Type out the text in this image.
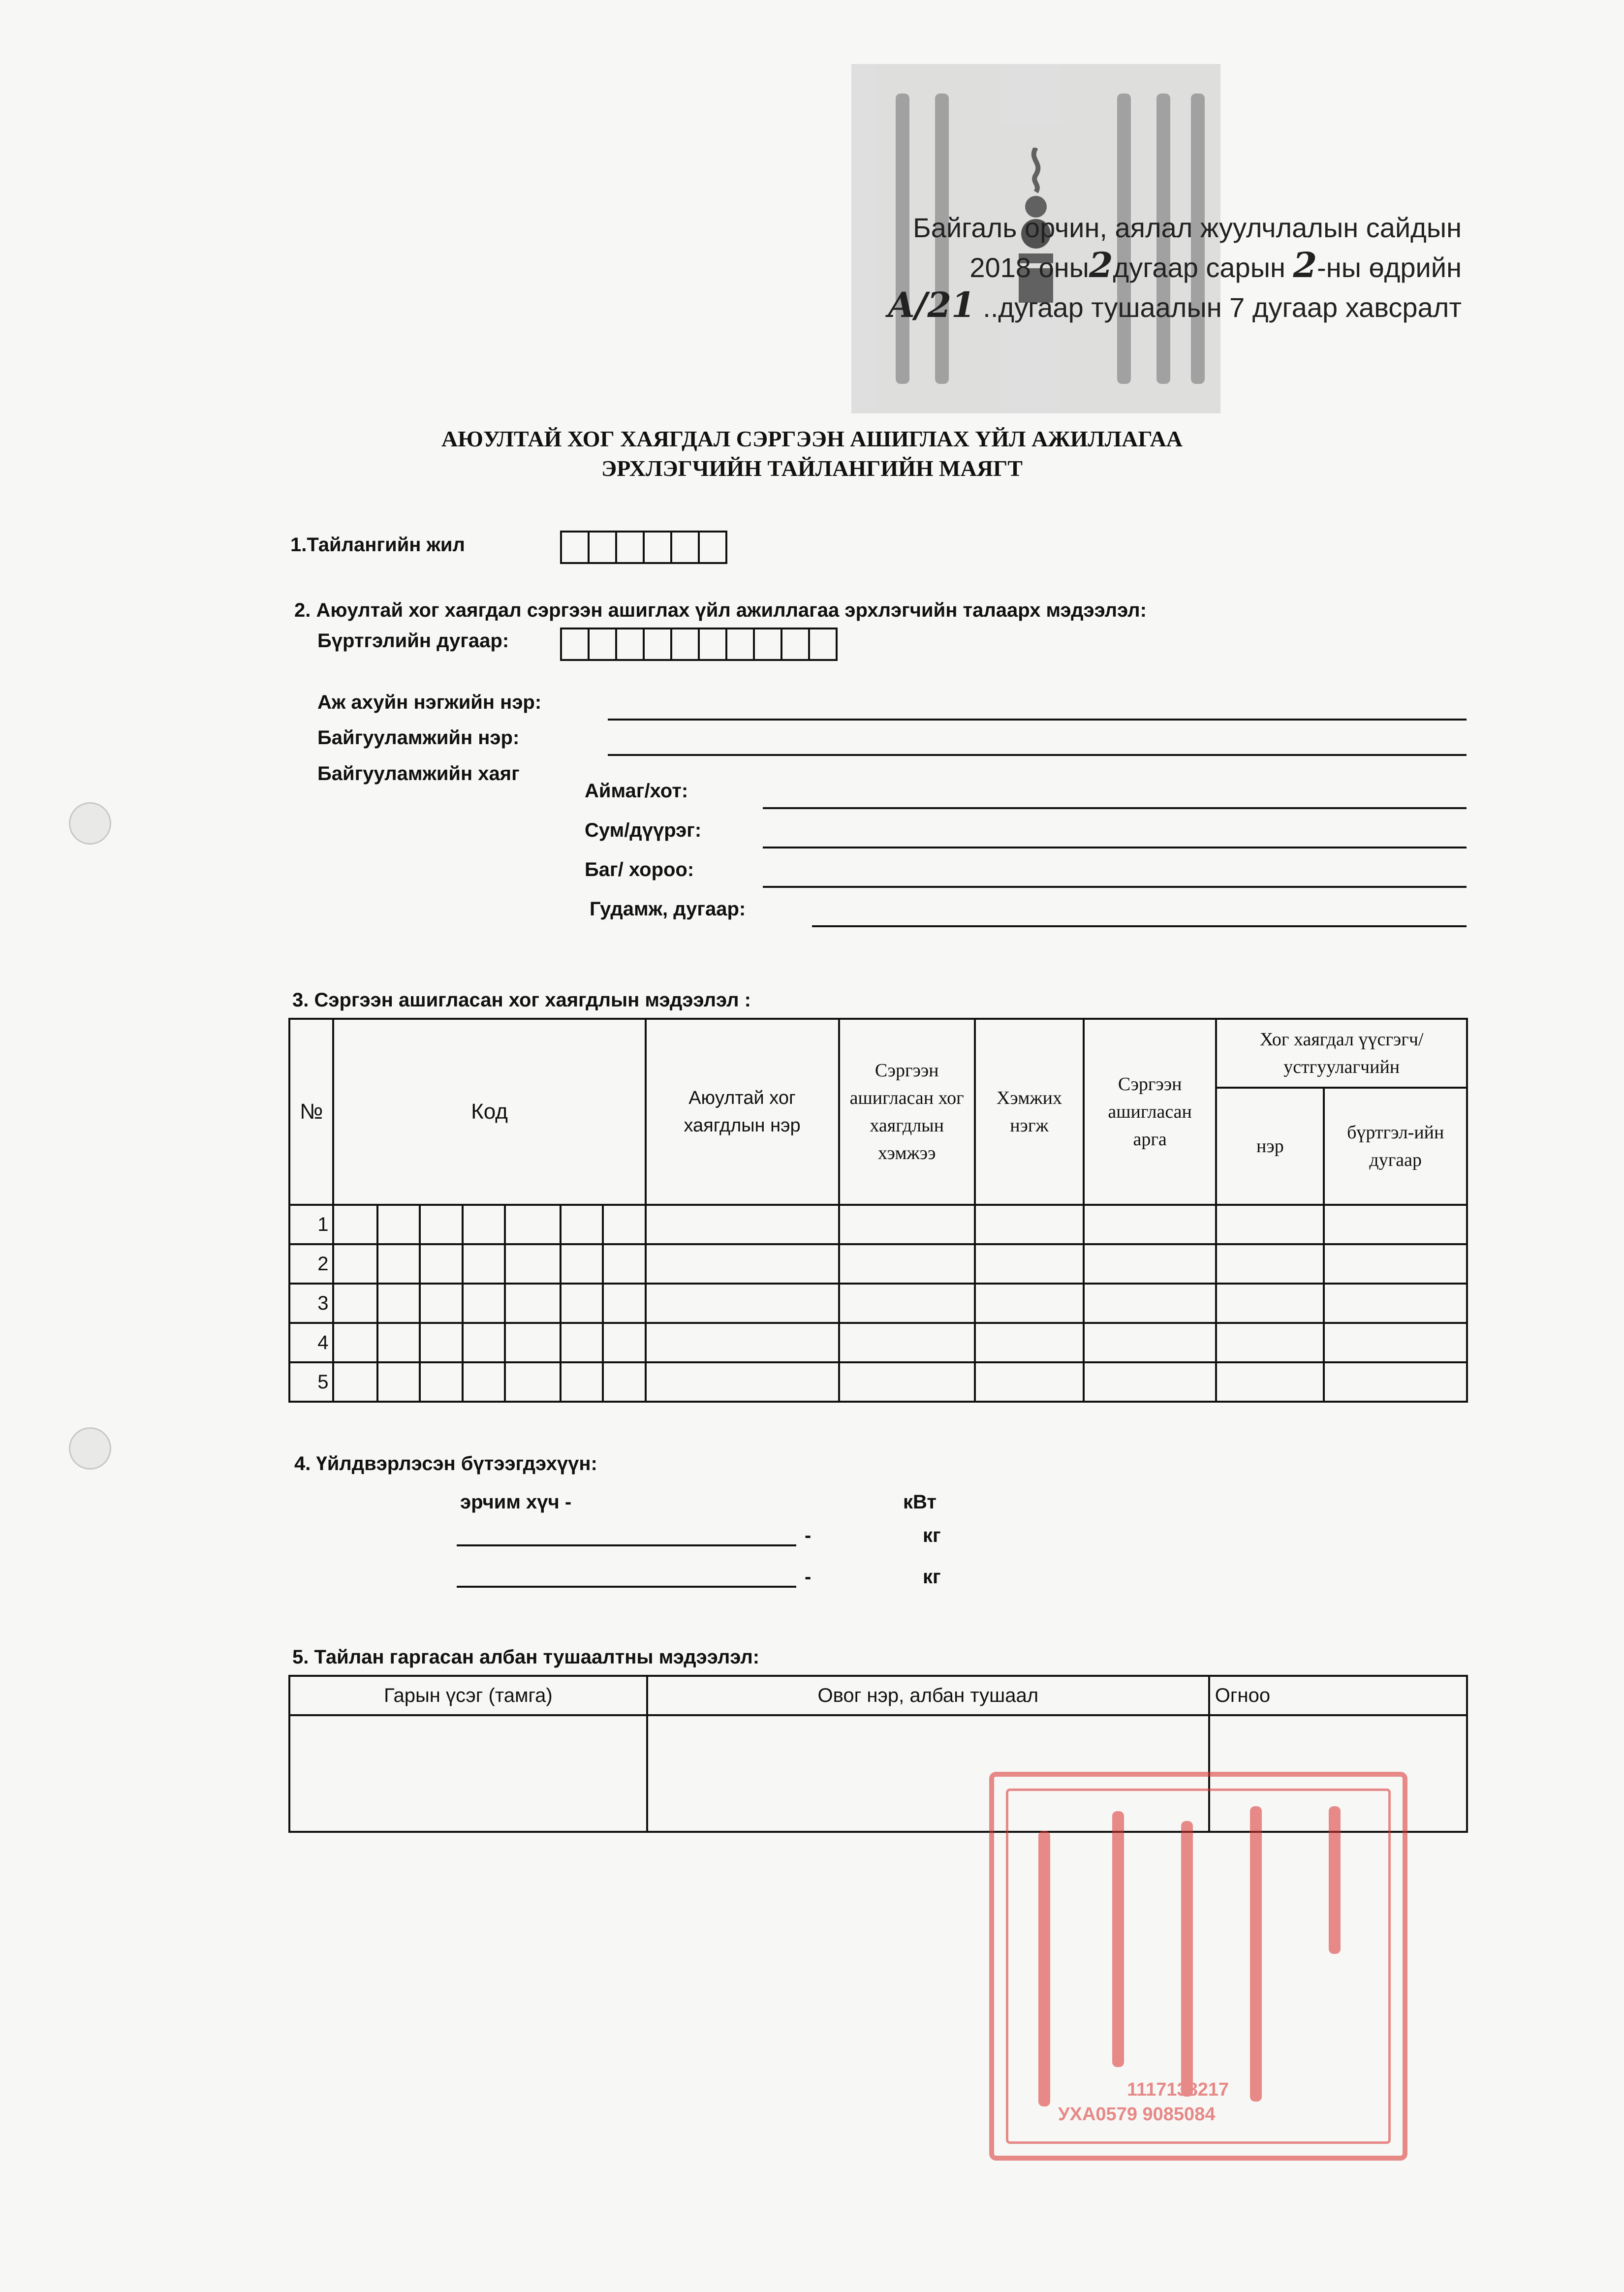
Байгаль орчин, аялал жуулчлалын сайдын
2018 оны2дугаар сарын 2-ны өдрийн
A/21 ..дугаар тушаалын 7 дугаар хавсралт
АЮУЛТАЙ ХОГ ХАЯГДАЛ СЭРГЭЭН АШИГЛАХ ҮЙЛ АЖИЛЛАГАА
ЭРХЛЭГЧИЙН ТАЙЛАНГИЙН МАЯГТ
1.Тайлангийн жил
2. Аюултай хог хаягдал сэргээн ашиглах үйл ажиллагаа эрхлэгчийн талаарх мэдээлэл:
Бүртгэлийн дугаар:
Аж ахуйн нэгжийн нэр:
Байгууламжийн нэр:
Байгууламжийн хаяг
Аймаг/хот:
Сум/дүүрэг:
Баг/ хороо:
Гудамж, дугаар:
3. Сэргээн ашигласан хог хаягдлын мэдээлэл :
№	Код							Аюултай хог хаягдлын нэр	Сэргээн ашигласан хог хаягдлын хэмжээ	Хэмжих нэгж	Сэргээн ашигласан арга	Хог хаягдал үүсгэгч/ устгуулагчийн	
												нэр	бүртгэл-ийн дугаар
1													
2													
3													
4													
5													
4. Үйлдвэрлэсэн бүтээгдэхүүн:
эрчим хүч -	кВт
-	кг
-	кг
5. Тайлан гаргасан албан тушаалтны мэдээлэл:
Гарын үсэг (тамга)	Овог нэр, албан тушаал	Огноо

1117138217
УХА0579 9085084
